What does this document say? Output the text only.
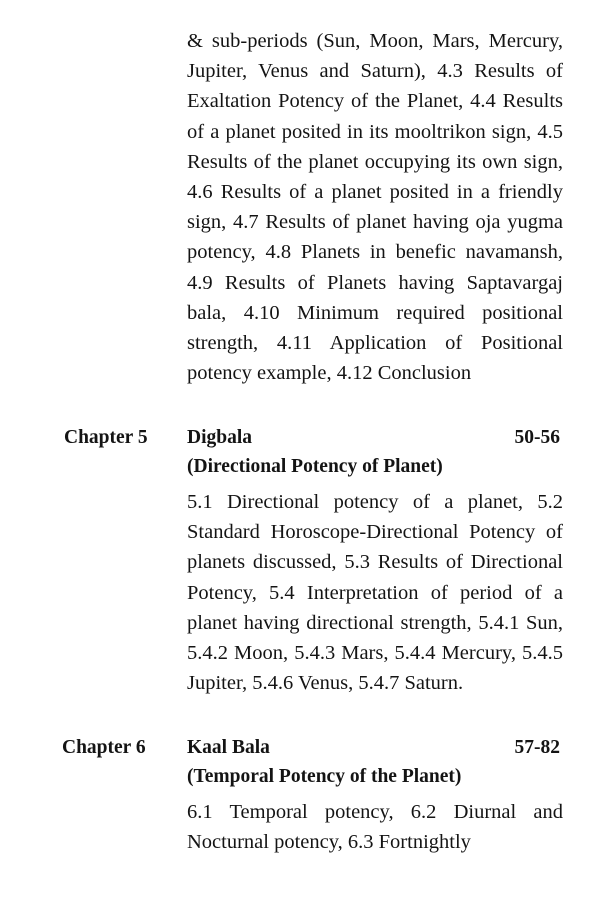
& sub-periods (Sun, Moon, Mars, Mercury, Jupiter, Venus and Saturn), 4.3 Results of Exaltation Potency of the Planet, 4.4 Results of a planet posited in its mooltrikon sign, 4.5 Results of the planet occupying its own sign, 4.6 Results of a planet posited in a friendly sign, 4.7 Results of planet having oja yugma potency, 4.8 Planets in benefic navamansh, 4.9 Results of Planets having Saptavargaj bala, 4.10 Minimum required positional strength, 4.11 Application of Positional potency example, 4.12 Conclusion
Chapter 5 Digbala	50-56
(Directional Potency of Planet)
5.1 Directional potency of a planet, 5.2 Standard Horoscope-Directional Potency of planets discussed, 5.3 Results of Directional Potency, 5.4 Interpretation of period of a planet having directional strength, 5.4.1 Sun, 5.4.2 Moon, 5.4.3 Mars, 5.4.4 Mercury, 5.4.5 Jupiter, 5.4.6 Venus, 5.4.7 Saturn.
Chapter 6 Kaal Bala	57-82
(Temporal Potency of the Planet)
6.1 Temporal potency, 6.2 Diurnal and Nocturnal potency, 6.3 Fortnightly
